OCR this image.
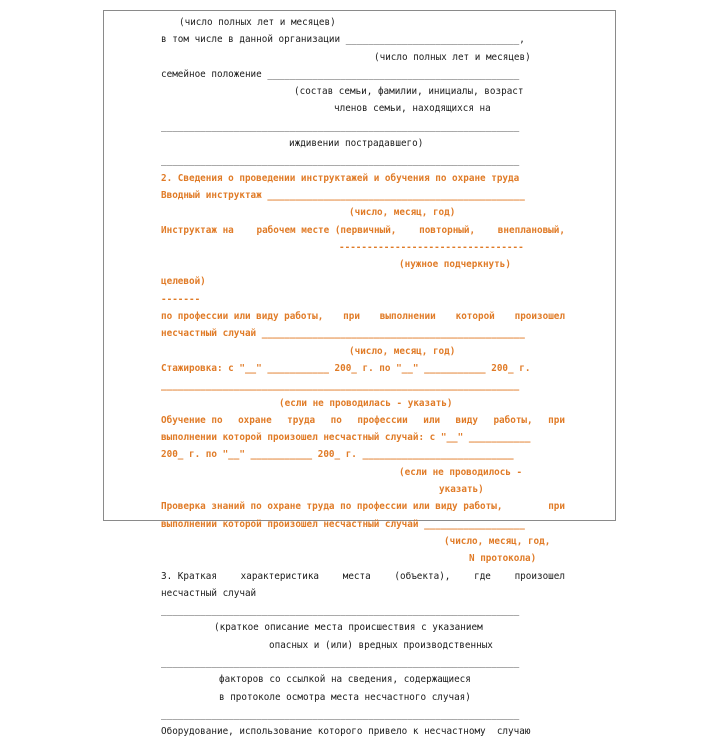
(число полных лет и месяцев)
в том числе в данной организации _______________________________,
(число полных лет и месяцев)
семейное положение _____________________________________________
(состав семьи, фамилии, инициалы, возраст
членов семьи, находящихся на
________________________________________________________________
иждивении пострадавшего)
________________________________________________________________
2. Сведения о проведении инструктажей и обучения по охране труда
Вводный инструктаж ______________________________________________
(число, месяц, год)
Инструктаж на рабочем месте (первичный, повторный, внеплановый,
---------------------------------
(нужное подчеркнуть)
целевой)
-------
по профессии или виду работы, при выполнении которой произошел
несчастный случай _______________________________________________
(число, месяц, год)
Стажировка: с "__" ___________ 200_ г. по "__" ___________ 200_ г.
________________________________________________________________
(если не проводилась - указать)
Обучение по охране труда по профессии или виду работы, при
выполнении которой произошел несчастный случай: с "__" ___________
200_ г. по "__" ___________ 200_ г. ___________________________
(если не проводилось -
указать)
Проверка знаний по охране труда по профессии или виду работы,	при
выполнении которой произошел несчастный случай __________________
(число, месяц, год,
N протокола)
3. Краткая	характеристика	места	(объекта),	где	произошел
несчастный случай
________________________________________________________________
(краткое описание места происшествия с указанием
опасных и (или) вредных производственных
________________________________________________________________
факторов со ссылкой на сведения, содержащиеся
в протоколе осмотра места несчастного случая)
________________________________________________________________
Оборудование, использование которого привело к несчастному  случаю
